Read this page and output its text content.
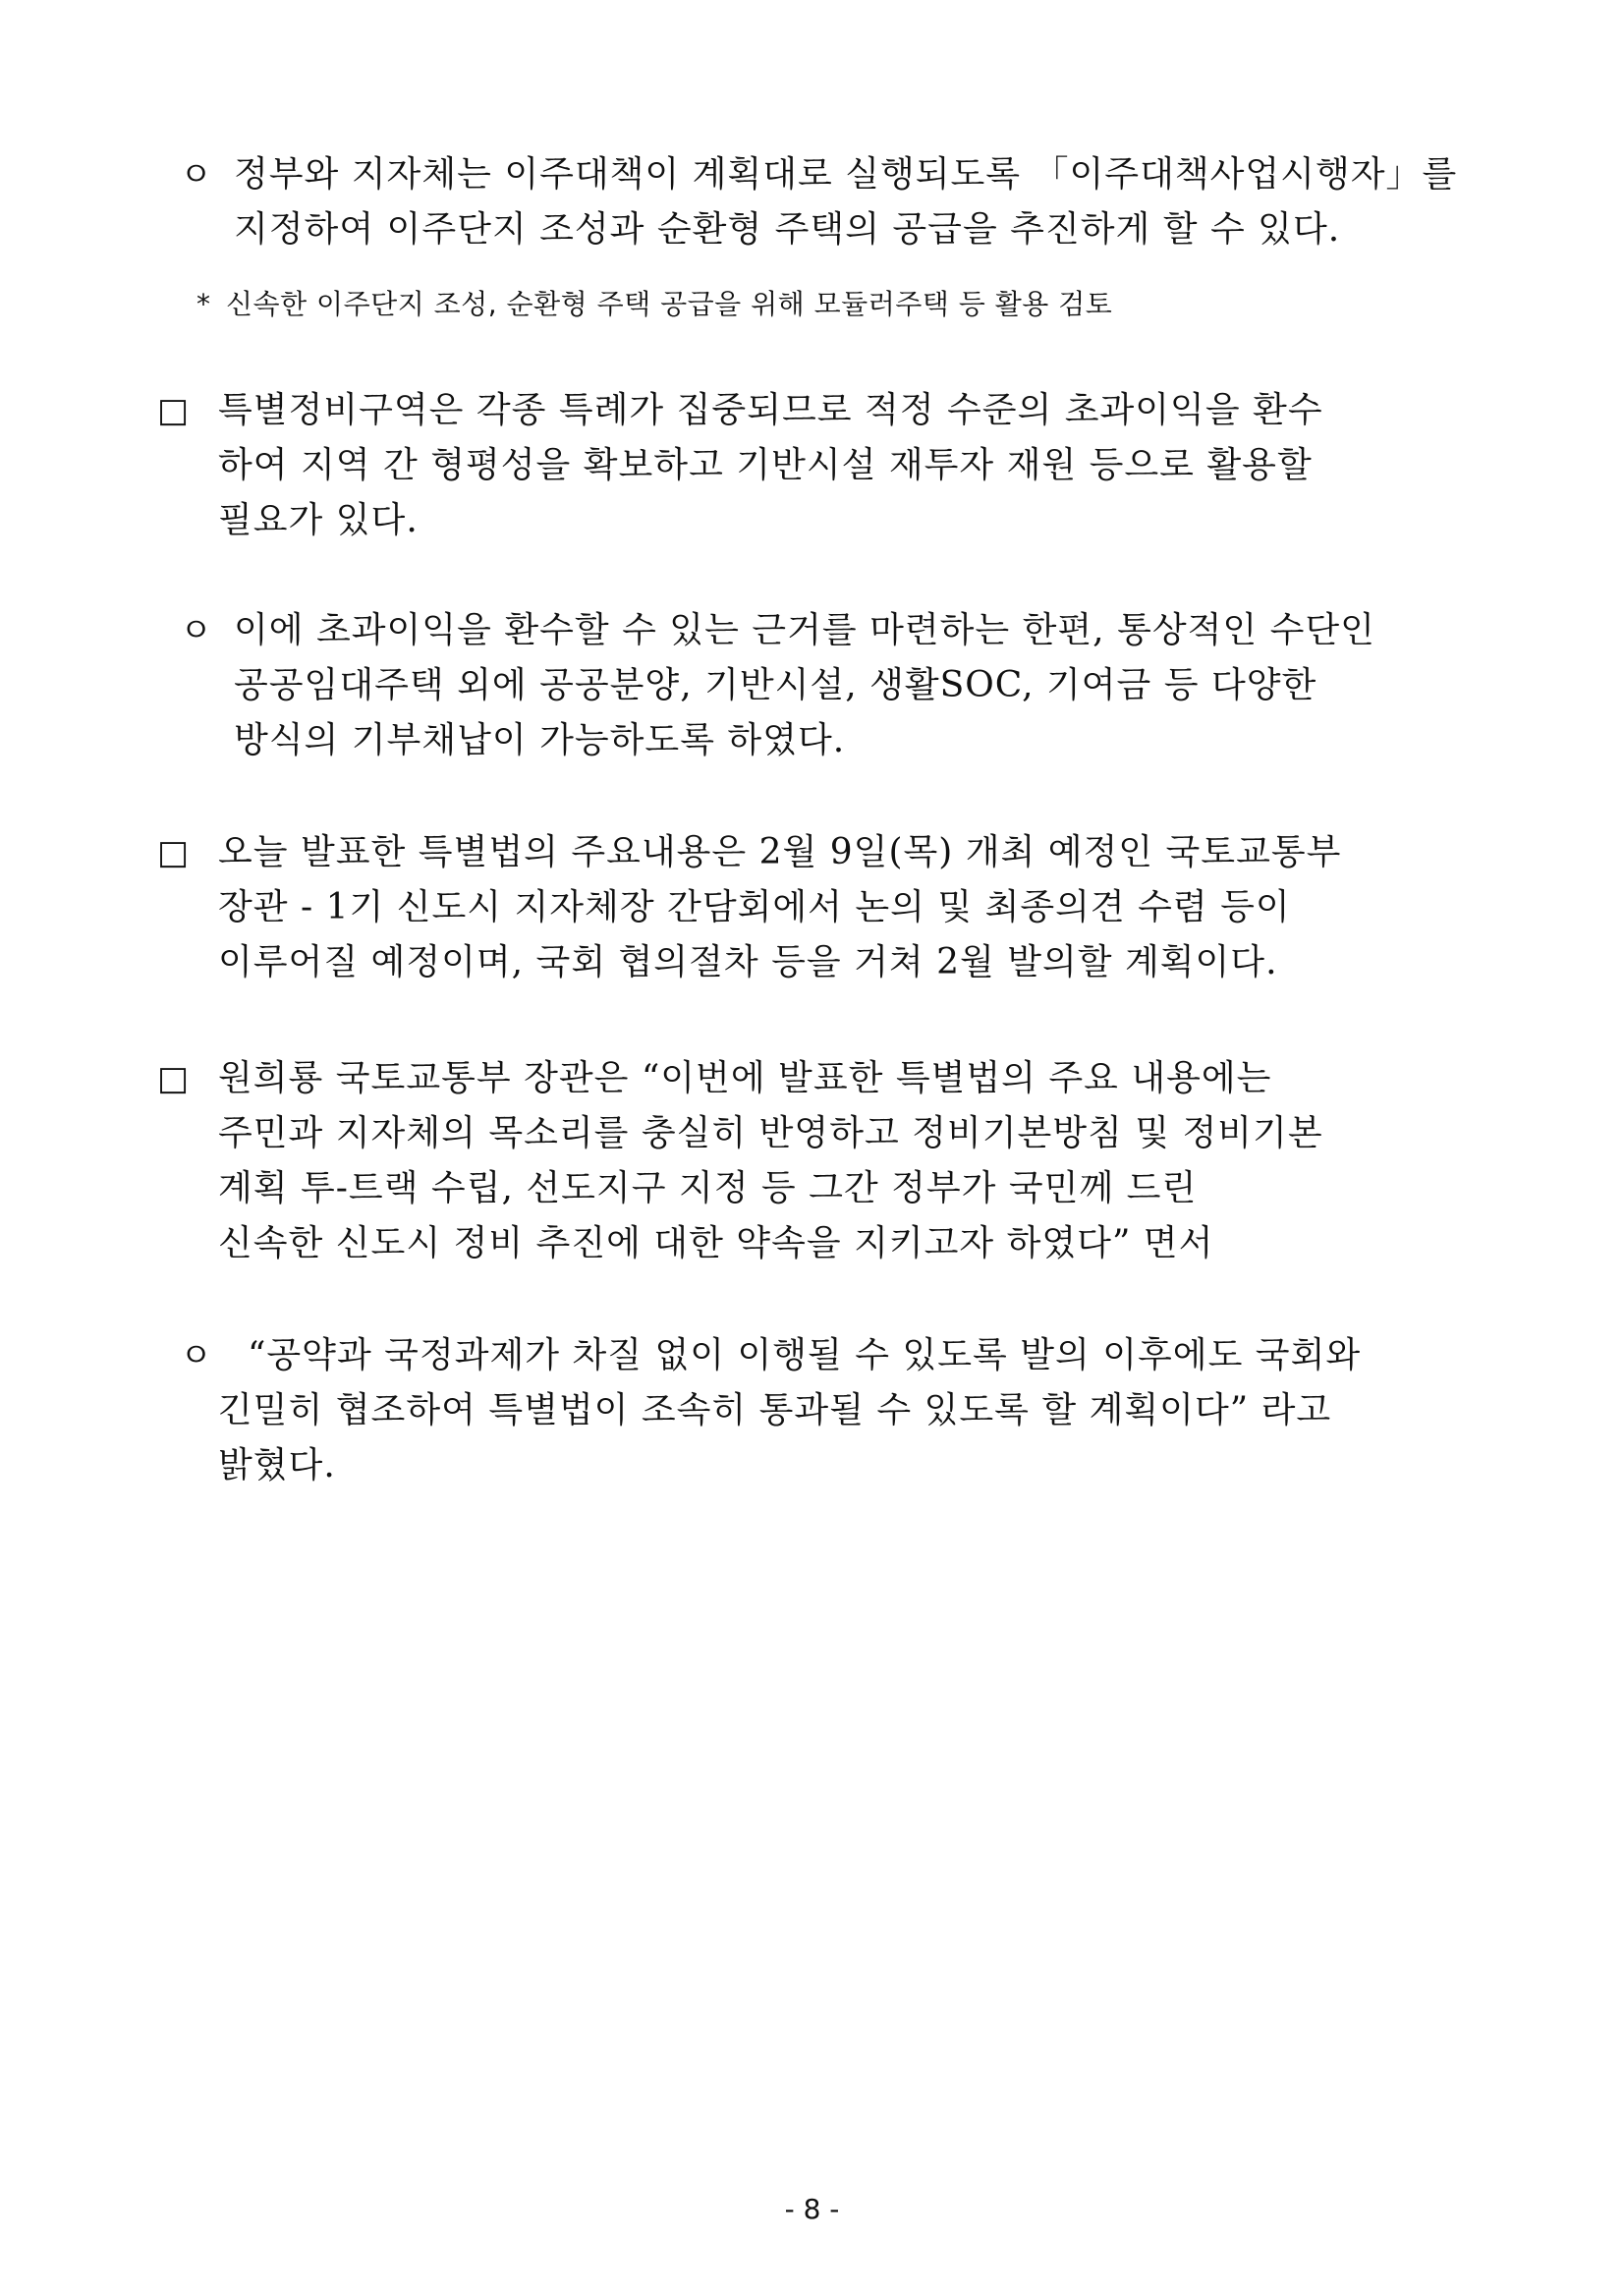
ㅇ 정부와 지자체는 이주대책이 계획대로 실행되도록 「이주대책사업시행자」를
지정하여 이주단지 조성과 순환형 주택의 공급을 추진하게 할 수 있다.
* 신속한 이주단지 조성, 순환형 주택 공급을 위해 모듈러주택 등 활용 검토
□ 특별정비구역은 각종 특례가 집중되므로 적정 수준의 초과이익을 환수
하여 지역 간 형평성을 확보하고 기반시설 재투자 재원 등으로 활용할
필요가 있다.
ㅇ 이에 초과이익을 환수할 수 있는 근거를 마련하는 한편, 통상적인 수단인
공공임대주택 외에 공공분양, 기반시설, 생활SOC, 기여금 등 다양한
방식의 기부채납이 가능하도록 하였다.
□ 오늘 발표한 특별법의 주요내용은 2월 9일(목) 개최 예정인 국토교통부
장관 - 1기 신도시 지자체장 간담회에서 논의 및 최종의견 수렴 등이
이루어질 예정이며, 국회 협의절차 등을 거쳐 2월 발의할 계획이다.
□ 원희룡 국토교통부 장관은 “이번에 발표한 특별법의 주요 내용에는
주민과 지자체의 목소리를 충실히 반영하고 정비기본방침 및 정비기본
계획 투-트랙 수립, 선도지구 지정 등 그간 정부가 국민께 드린
신속한 신도시 정비 추진에 대한 약속을 지키고자 하였다” 면서
ㅇ “공약과 국정과제가 차질 없이 이행될 수 있도록 발의 이후에도 국회와
긴밀히 협조하여 특별법이 조속히 통과될 수 있도록 할 계획이다” 라고
밝혔다.
- 8 -
